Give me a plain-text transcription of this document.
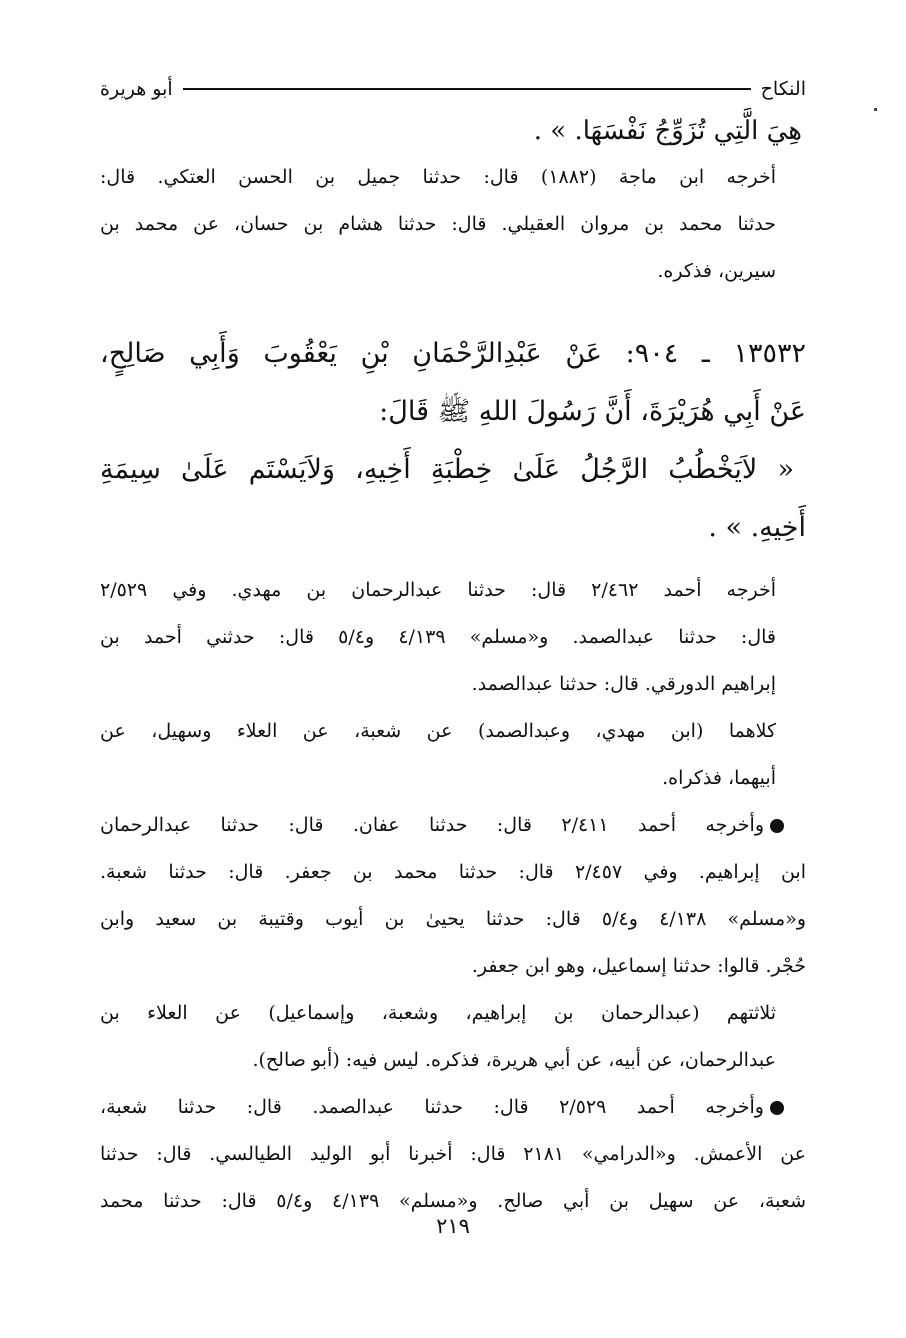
النكاح
أبو هريرة
هِيَ الَّتِي تُزَوِّجُ نَفْسَهَا. » .

أخرجه ابن ماجة (١٨٨٢) قال: حدثنا جميل بن الحسن العتكي. قال:
حدثنا محمد بن مروان العقيلي. قال: حدثنا هشام بن حسان، عن محمد بن
سيرين، فذكره.

١٣٥٣٢ ـ ٩٠٤: عَنْ عَبْدِالرَّحْمَانِ بْنِ يَعْقُوبَ وَأَبِي صَالِحٍ،
عَنْ أَبِي هُرَيْرَةَ، أَنَّ رَسُولَ اللهِ ﷺ قَالَ:
« لاَيَخْطُبُ الرَّجُلُ عَلَىٰ خِطْبَةِ أَخِيهِ، وَلاَيَسْتَم عَلَىٰ سِيمَةِ
أَخِيهِ. » .

أخرجه أحمد ٢/٤٦٢ قال: حدثنا عبدالرحمان بن مهدي. وفي ٢/٥٢٩
قال: حدثنا عبدالصمد. و«مسلم» ٤/١٣٩ و٥/٤ قال: حدثني أحمد بن
إبراهيم الدورقي. قال: حدثنا عبدالصمد.

كلاهما (ابن مهدي، وعبدالصمد) عن شعبة، عن العلاء وسهيل، عن
أبيهما، فذكراه.

وأخرجه أحمد ٢/٤١١ قال: حدثنا عفان. قال: حدثنا عبدالرحمان
ابن إبراهيم. وفي ٢/٤٥٧ قال: حدثنا محمد بن جعفر. قال: حدثنا شعبة.
و«مسلم» ٤/١٣٨ و٥/٤ قال: حدثنا يحيىٰ بن أيوب وقتيبة بن سعيد وابن
حُجْر. قالوا: حدثنا إسماعيل، وهو ابن جعفر.

ثلاثتهم (عبدالرحمان بن إبراهيم، وشعبة، وإسماعيل) عن العلاء بن
عبدالرحمان، عن أبيه، عن أبي هريرة، فذكره. ليس فيه: (أبو صالح).

وأخرجه أحمد ٢/٥٢٩ قال: حدثنا عبدالصمد. قال: حدثنا شعبة،
عن الأعمش. و«الدرامي» ٢١٨١ قال: أخبرنا أبو الوليد الطيالسي. قال: حدثنا
شعبة، عن سهيل بن أبي صالح. و«مسلم» ٤/١٣٩ و٥/٤ قال: حدثنا محمد

٢١٩
